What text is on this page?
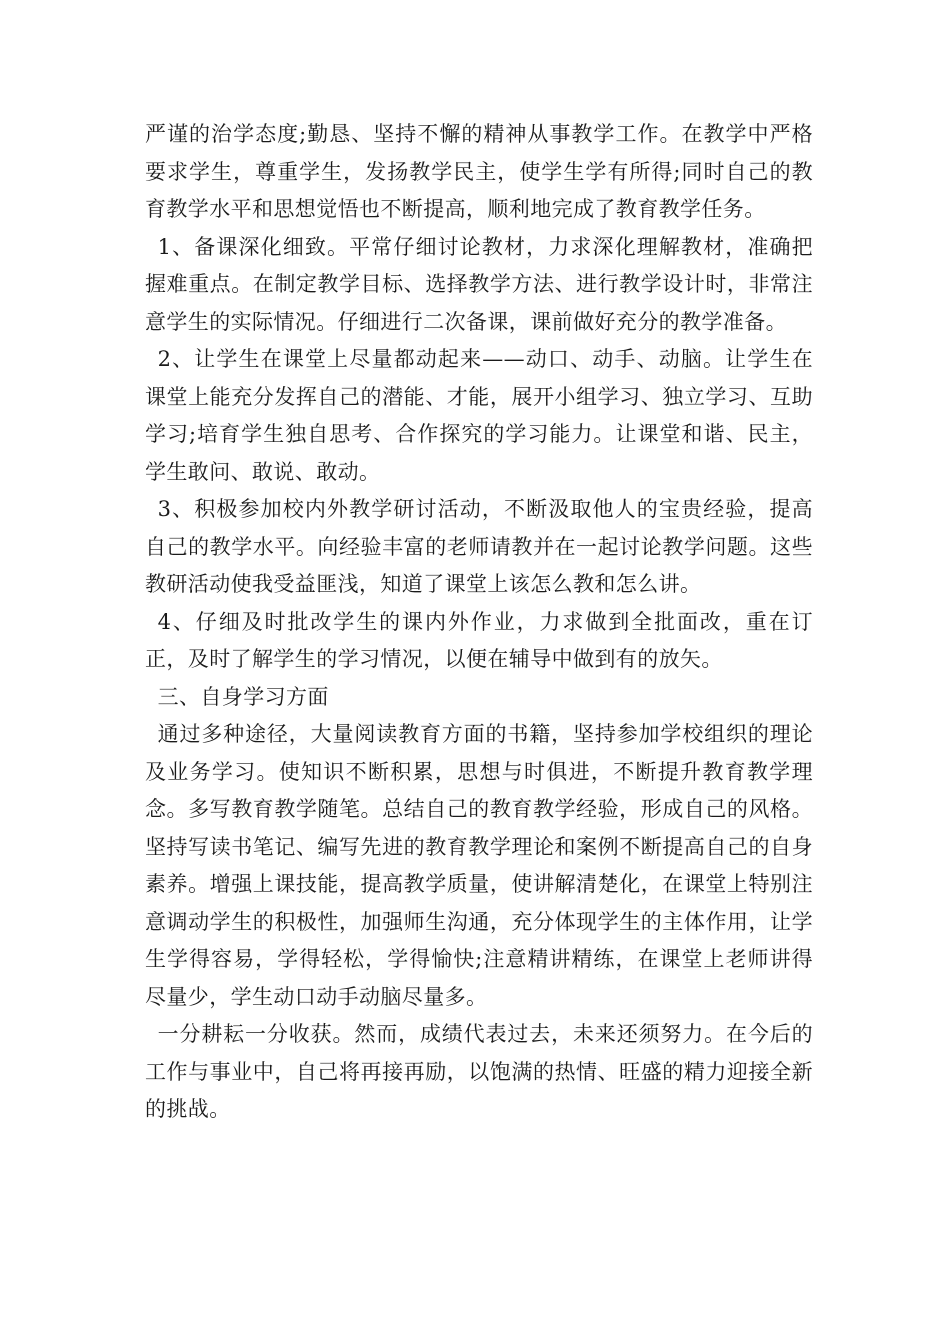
严谨的治学态度;勤恳、坚持不懈的精神从事教学工作。在教学中严格要求学生，尊重学生，发扬教学民主，使学生学有所得;同时自己的教育教学水平和思想觉悟也不断提高，顺利地完成了教育教学任务。

1、备课深化细致。平常仔细讨论教材，力求深化理解教材，准确把握难重点。在制定教学目标、选择教学方法、进行教学设计时，非常注意学生的实际情况。仔细进行二次备课，课前做好充分的教学准备。

2、让学生在课堂上尽量都动起来——动口、动手、动脑。让学生在课堂上能充分发挥自己的潜能、才能，展开小组学习、独立学习、互助学习;培育学生独自思考、合作探究的学习能力。让课堂和谐、民主，学生敢问、敢说、敢动。

3、积极参加校内外教学研讨活动，不断汲取他人的宝贵经验，提高自己的教学水平。向经验丰富的老师请教并在一起讨论教学问题。这些教研活动使我受益匪浅，知道了课堂上该怎么教和怎么讲。

4、仔细及时批改学生的课内外作业，力求做到全批面改，重在订正，及时了解学生的学习情况，以便在辅导中做到有的放矢。

三、自身学习方面

通过多种途径，大量阅读教育方面的书籍，坚持参加学校组织的理论及业务学习。使知识不断积累，思想与时俱进，不断提升教育教学理念。多写教育教学随笔。总结自己的教育教学经验，形成自己的风格。坚持写读书笔记、编写先进的教育教学理论和案例不断提高自己的自身素养。增强上课技能，提高教学质量，使讲解清楚化，在课堂上特别注意调动学生的积极性，加强师生沟通，充分体现学生的主体作用，让学生学得容易，学得轻松，学得愉快;注意精讲精练，在课堂上老师讲得尽量少，学生动口动手动脑尽量多。

一分耕耘一分收获。然而，成绩代表过去，未来还须努力。在今后的工作与事业中，自己将再接再励，以饱满的热情、旺盛的精力迎接全新的挑战。
